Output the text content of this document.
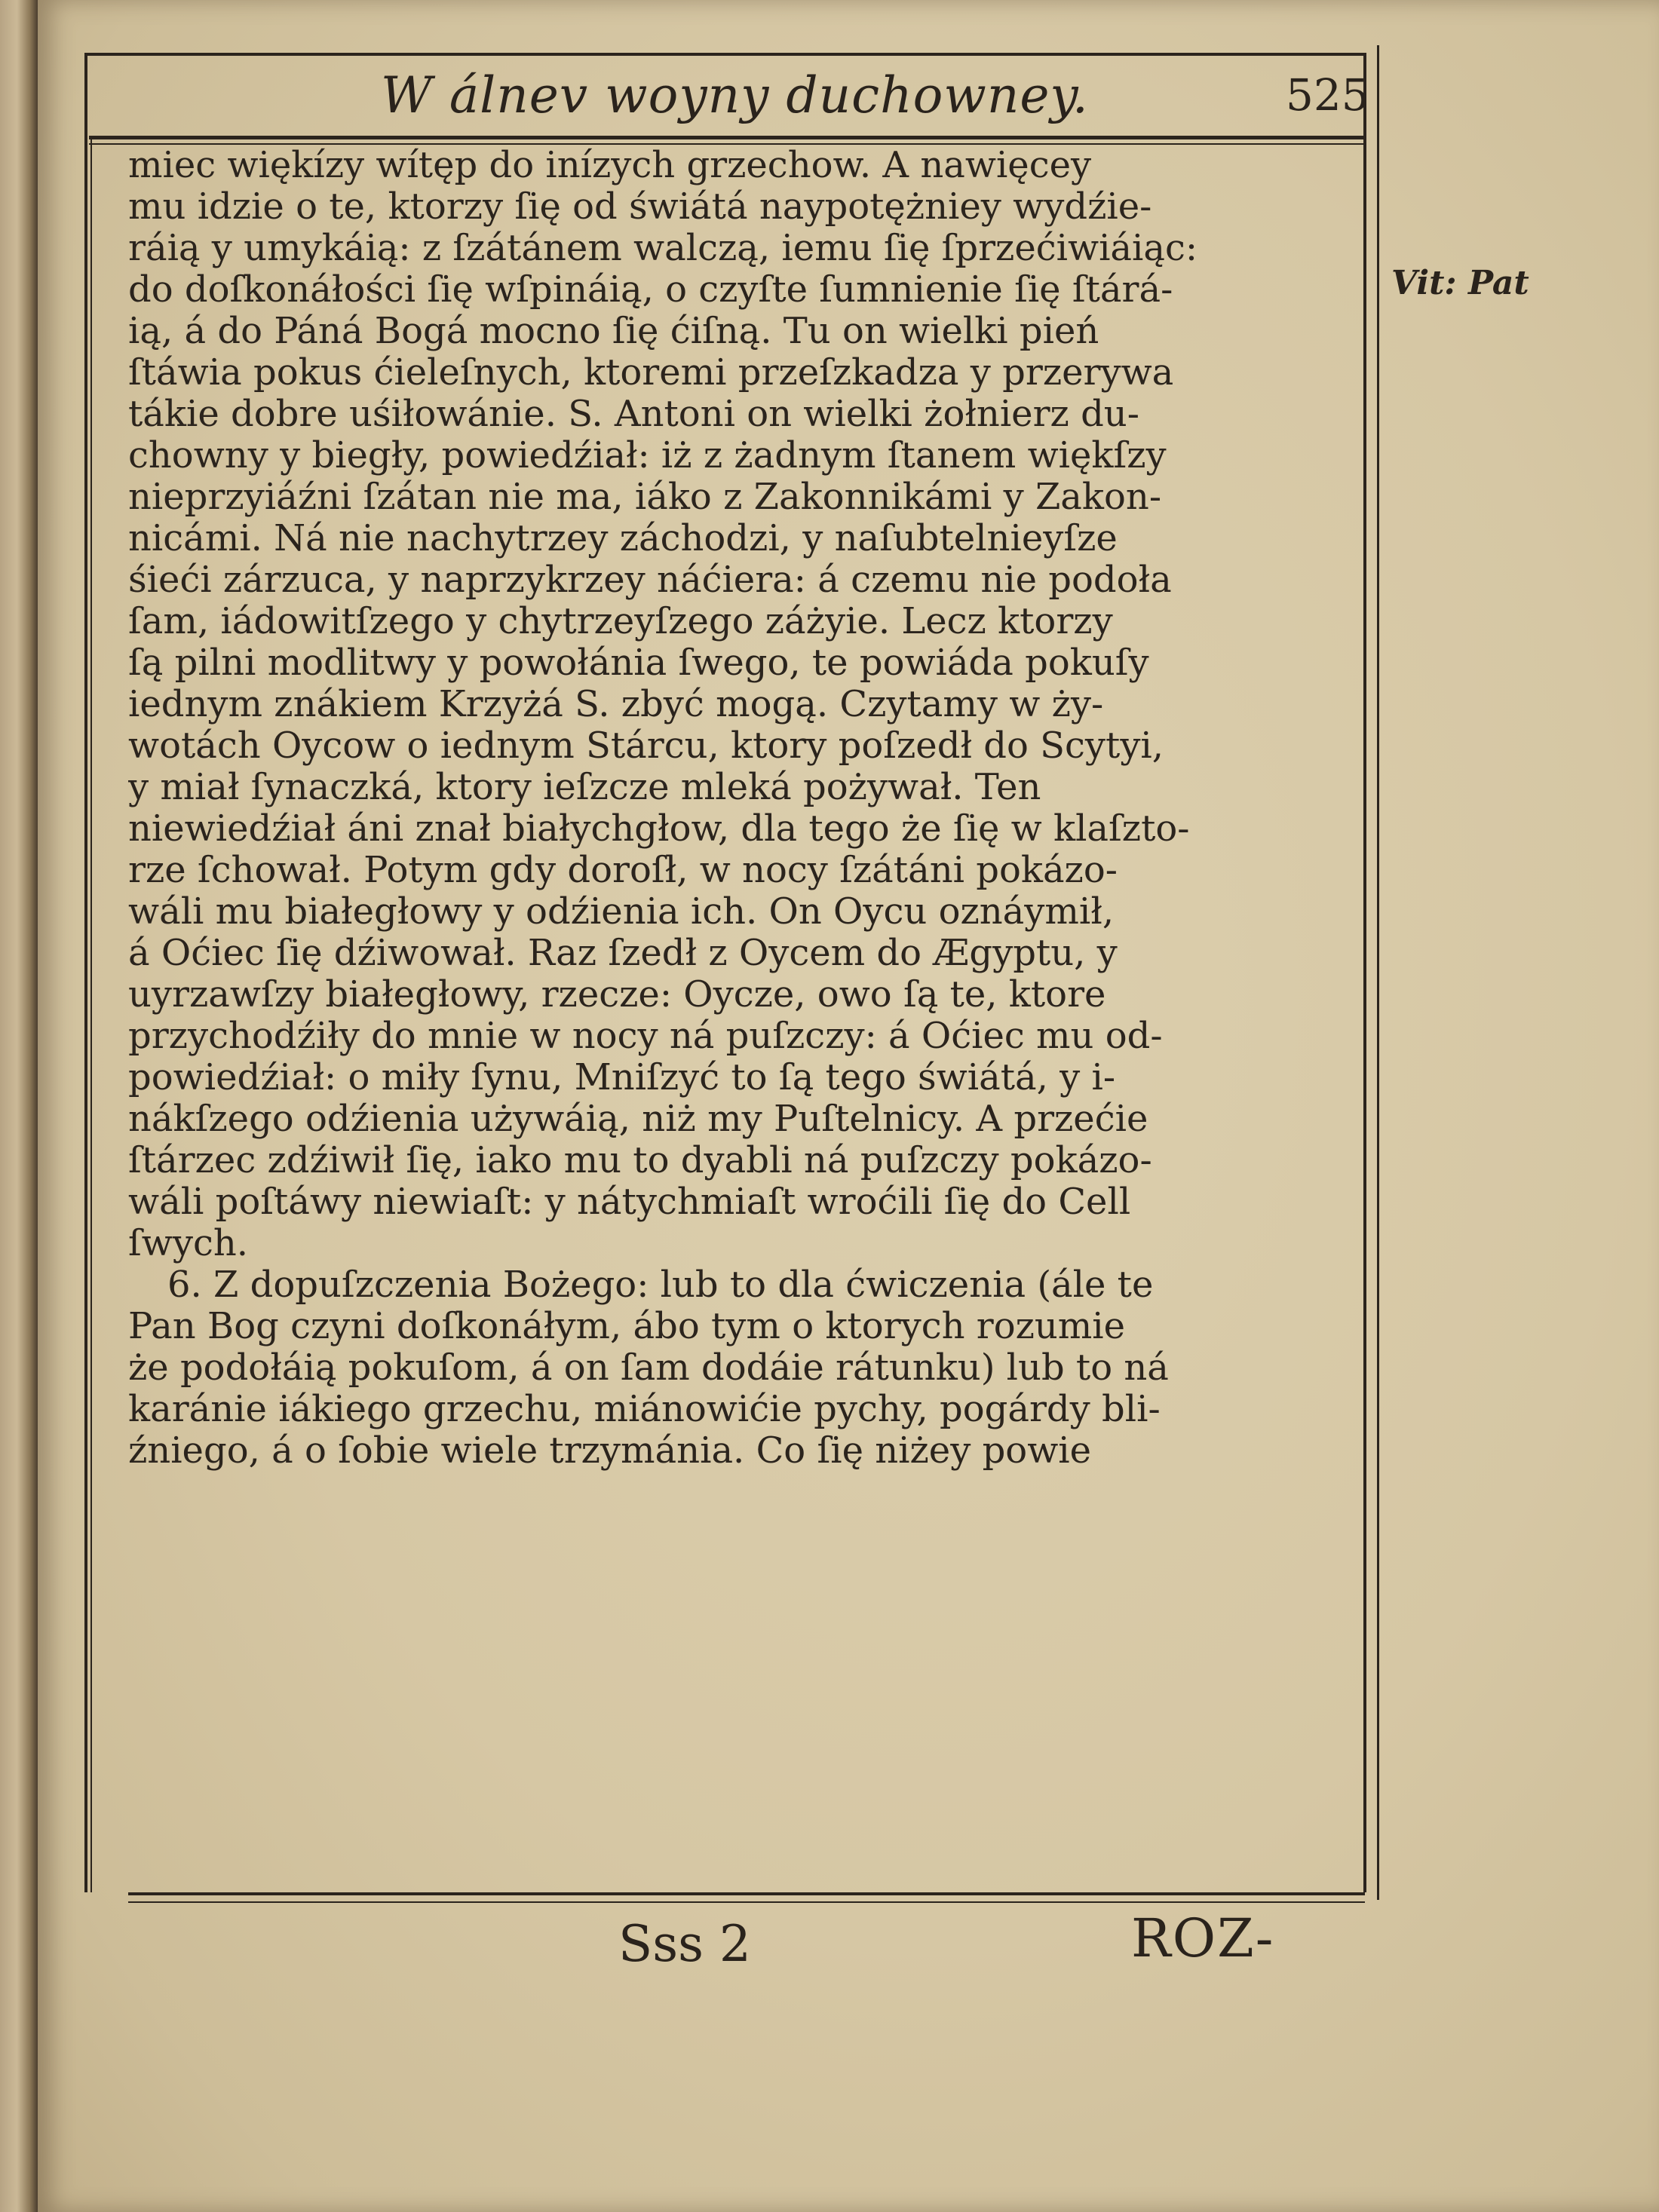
W álnev woyny duchowney.	525
Vit: Pat
miec więkízy wítęp do inízych grzechow. A nawięcey
mu idzie o te, ktorzy ſię od świátá naypotężniey wydźie-
ráią y umykáią: z ſzátánem walczą, iemu ſię ſprzećiwiáiąc:
do doſkonáłości ſię wſpináią, o czyſte ſumnienie ſię ſtárá-
ią, á do Páná Bogá mocno ſię ćiſną. Tu on wielki pień
ſtáwia pokus ćieleſnych, ktoremi przeſzkadza y przerywa
tákie dobre uśiłowánie. S. Antoni on wielki żołnierz du-
chowny y biegły, powiedźiał: iż z żadnym ſtanem więkſzy
nieprzyiáźni ſzátan nie ma, iáko z Zakonnikámi y Zakon-
nicámi. Ná nie nachytrzey záchodzi, y naſubtelnieyſze
śieći zárzuca, y naprzykrzey náćiera: á czemu nie podoła
ſam, iádowitſzego y chytrzeyſzego záżyie. Lecz ktorzy
ſą pilni modlitwy y powołánia ſwego, te powiáda pokuſy
iednym znákiem Krzyżá S. zbyć mogą. Czytamy w ży-
wotách Oycow o iednym Stárcu, ktory poſzedł do Scytyi,
y miał ſynaczká, ktory ieſzcze mleká pożywał. Ten
niewiedźiał áni znał białychgłow, dla tego że ſię w klaſzto-
rze ſchował. Potym gdy doroſł, w nocy ſzátáni pokázo-
wáli mu białegłowy y odźienia ich. On Oycu oznáymił,
á Oćiec ſię dźiwował. Raz ſzedł z Oycem do Ægyptu, y
uyrzawſzy białegłowy, rzecze: Oycze, owo ſą te, ktore
przychodźiły do mnie w nocy ná puſzczy: á Oćiec mu od-
powiedźiał: o miły ſynu, Mniſzyć to ſą tego świátá, y i-
nákſzego odźienia używáią, niż my Puſtelnicy. A przećie
ſtárzec zdźiwił ſię, iako mu to dyabli ná puſzczy pokázo-
wáli poſtáwy niewiaſt: y nátychmiaſt wroćili ſię do Cell
ſwych.
6. Z dopuſzczenia Bożego: lub to dla ćwiczenia (ále te
Pan Bog czyni doſkonáłym, ábo tym o ktorych rozumie
że podołáią pokuſom, á on ſam dodáie rátunku) lub to ná
karánie iákiego grzechu, miánowićie pychy, pogárdy bli-
źniego, á o ſobie wiele trzymánia. Co ſię niżey powie
Sss 2	ROZ-
